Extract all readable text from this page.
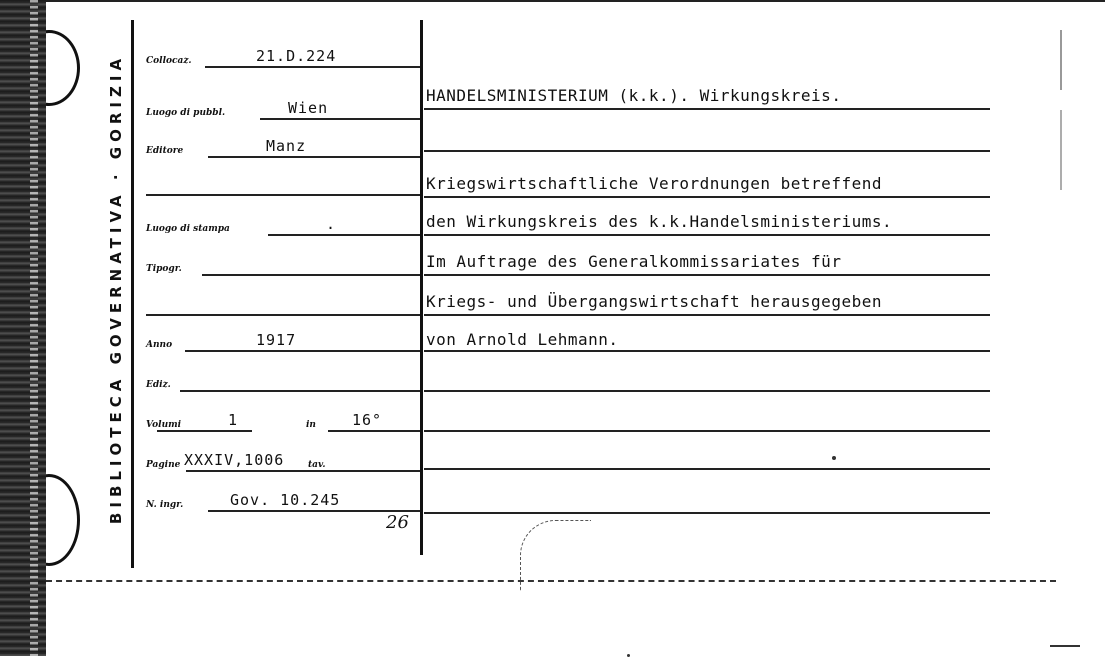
BIBLIOTECA GOVERNATIVA · GORIZIA Collocaz.	21.D.224
Luogo di pubbl.	Wien
Editore	Manz
Luogo di stampa	.
Tipogr.
Anno	1917
Ediz.
Volumi	1	in 16°
Pagine XXXIV,1006	tav.
N. ingr.	Gov. 10.245
26
HANDELSMINISTERIUM (k.k.). Wirkungskreis.
Kriegswirtschaftliche Verordnungen betreffend
den Wirkungskreis des k.k.Handelsministeriums.
Im Auftrage des Generalkommissariates für
Kriegs- und Übergangswirtschaft herausgegeben
von Arnold Lehmann.
